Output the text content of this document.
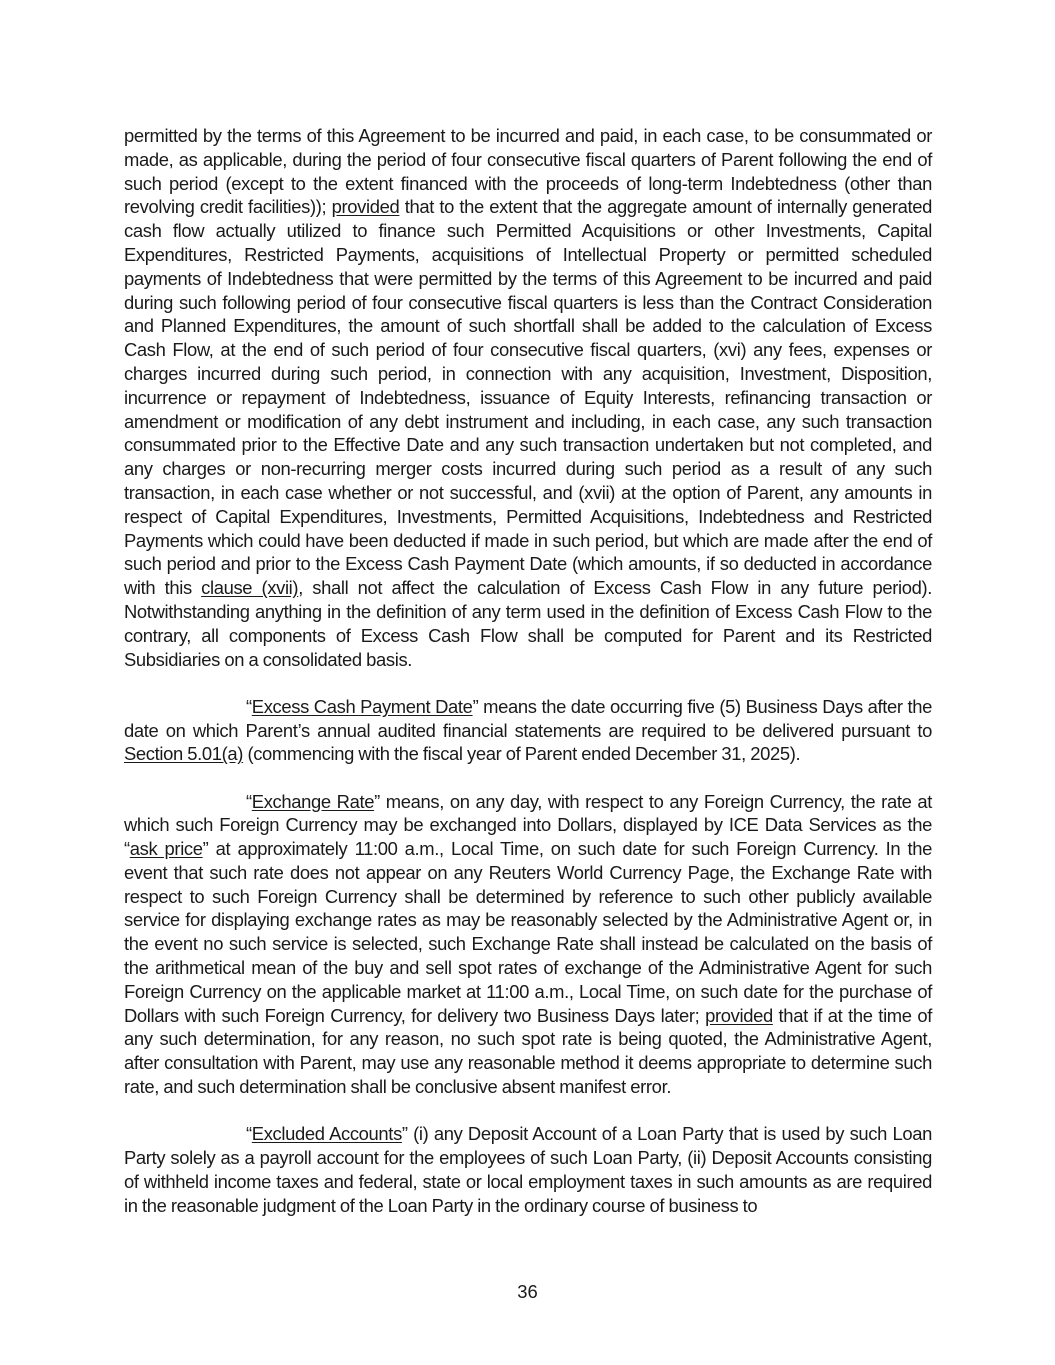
permitted by the terms of this Agreement to be incurred and paid, in each case, to be consummated or made, as applicable, during the period of four consecutive fiscal quarters of Parent following the end of such period (except to the extent financed with the proceeds of long-term Indebtedness (other than revolving credit facilities)); provided that to the extent that the aggregate amount of internally generated cash flow actually utilized to finance such Permitted Acquisitions or other Investments, Capital Expenditures, Restricted Payments, acquisitions of Intellectual Property or permitted scheduled payments of Indebtedness that were permitted by the terms of this Agreement to be incurred and paid during such following period of four consecutive fiscal quarters is less than the Contract Consideration and Planned Expenditures, the amount of such shortfall shall be added to the calculation of Excess Cash Flow, at the end of such period of four consecutive fiscal quarters, (xvi) any fees, expenses or charges incurred during such period, in connection with any acquisition, Investment, Disposition, incurrence or repayment of Indebtedness, issuance of Equity Interests, refinancing transaction or amendment or modification of any debt instrument and including, in each case, any such transaction consummated prior to the Effective Date and any such transaction undertaken but not completed, and any charges or non-recurring merger costs incurred during such period as a result of any such transaction, in each case whether or not successful, and (xvii) at the option of Parent, any amounts in respect of Capital Expenditures, Investments, Permitted Acquisitions, Indebtedness and Restricted Payments which could have been deducted if made in such period, but which are made after the end of such period and prior to the Excess Cash Payment Date (which amounts, if so deducted in accordance with this clause (xvii), shall not affect the calculation of Excess Cash Flow in any future period). Notwithstanding anything in the definition of any term used in the definition of Excess Cash Flow to the contrary, all components of Excess Cash Flow shall be computed for Parent and its Restricted Subsidiaries on a consolidated basis.

“Excess Cash Payment Date” means the date occurring five (5) Business Days after the date on which Parent’s annual audited financial statements are required to be delivered pursuant to Section 5.01(a) (commencing with the fiscal year of Parent ended December 31, 2025).

“Exchange Rate” means, on any day, with respect to any Foreign Currency, the rate at which such Foreign Currency may be exchanged into Dollars, displayed by ICE Data Services as the “ask price” at approximately 11:00 a.m., Local Time, on such date for such Foreign Currency. In the event that such rate does not appear on any Reuters World Currency Page, the Exchange Rate with respect to such Foreign Currency shall be determined by reference to such other publicly available service for displaying exchange rates as may be reasonably selected by the Administrative Agent or, in the event no such service is selected, such Exchange Rate shall instead be calculated on the basis of the arithmetical mean of the buy and sell spot rates of exchange of the Administrative Agent for such Foreign Currency on the applicable market at 11:00 a.m., Local Time, on such date for the purchase of Dollars with such Foreign Currency, for delivery two Business Days later; provided that if at the time of any such determination, for any reason, no such spot rate is being quoted, the Administrative Agent, after consultation with Parent, may use any reasonable method it deems appropriate to determine such rate, and such determination shall be conclusive absent manifest error.

“Excluded Accounts” (i) any Deposit Account of a Loan Party that is used by such Loan Party solely as a payroll account for the employees of such Loan Party, (ii) Deposit Accounts consisting of withheld income taxes and federal, state or local employment taxes in such amounts as are required in the reasonable judgment of the Loan Party in the ordinary course of business to

36
